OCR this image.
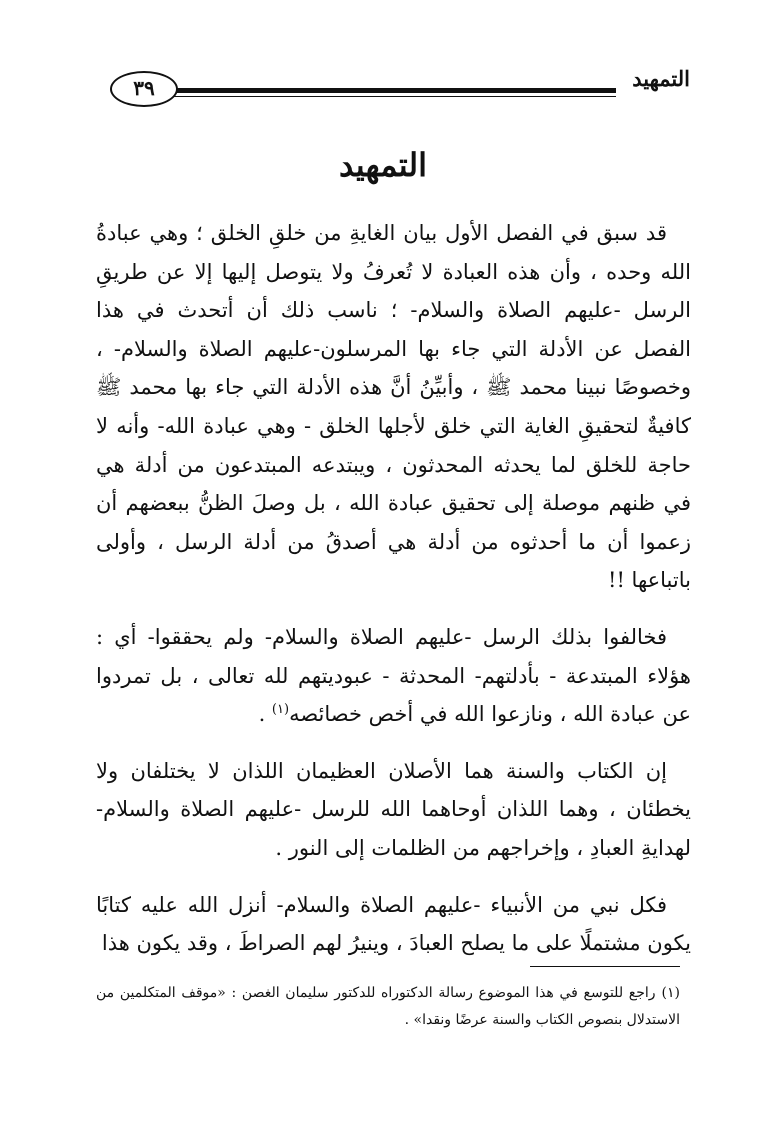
التمهيد
٣٩
التمهيد

قد سبق في الفصل الأول بيان الغايةِ من خلقِ الخلق ؛ وهي عبادةُ الله وحده ، وأن هذه العبادة لا تُعرفُ ولا يتوصل إليها إلا عن طريقِ الرسل -عليهم الصلاة والسلام- ؛ ناسب ذلك أن أتحدث في هذا الفصل عن الأدلة التي جاء بها المرسلون-عليهم الصلاة والسلام- ، وخصوصًا نبينا محمد ﷺ ، وأبيِّنُ أنَّ هذه الأدلة التي جاء بها محمد ﷺ كافيةٌ لتحقيقِ الغاية التي خلق لأجلها الخلق - وهي عبادة الله- وأنه لا حاجة للخلق لما يحدثه المحدثون ، ويبتدعه المبتدعون من أدلة هي في ظنهم موصلة إلى تحقيق عبادة الله ، بل وصلَ الظنُّ ببعضهم أن زعموا أن ما أحدثوه من أدلة هي أصدقُ من أدلة الرسل ، وأولى باتباعها !!

فخالفوا بذلك الرسل -عليهم الصلاة والسلام- ولم يحققوا- أي : هؤلاء المبتدعة - بأدلتهم- المحدثة - عبوديتهم لله تعالى ، بل تمردوا عن عبادة الله ، ونازعوا الله في أخص خصائصه$^{(١)}$ .

إن الكتاب والسنة هما الأصلان العظيمان اللذان لا يختلفان ولا يخطئان ، وهما اللذان أوحاهما الله للرسل -عليهم الصلاة والسلام- لهدايةِ العبادِ ، وإخراجهم من الظلمات إلى النور .

فكل نبي من الأنبياء -عليهم الصلاة والسلام- أنزل الله عليه كتابًا يكون مشتملًا على ما يصلح العبادَ ، وينيرُ لهم الصراطَ ، وقد يكون هذا

(١)راجع للتوسع في هذا الموضوع رسالة الدكتوراه للدكتور سليمان الغصن : «موقف المتكلمين من الاستدلال بنصوص الكتاب والسنة عرضًا ونقدا» .
